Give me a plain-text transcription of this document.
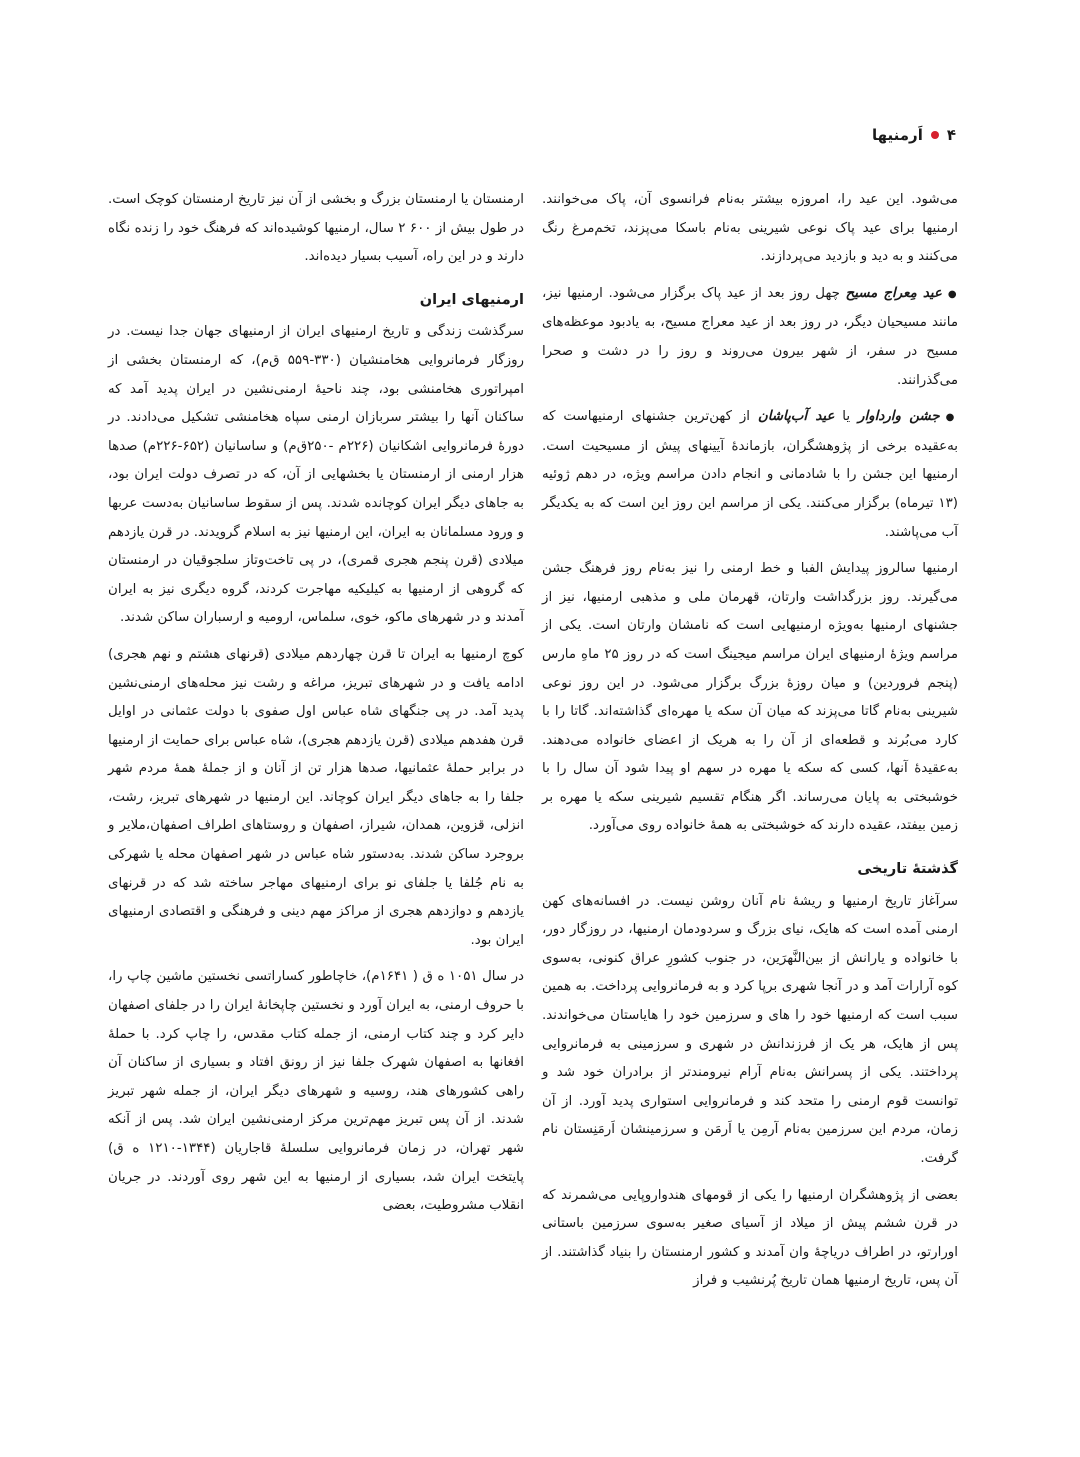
۴
اَرمنیها

می‌شود. این عید را، امروزه بیشتر به‌نام فرانسوی آن، پاک می‌خوانند. ارمنیها برای عید پاک نوعی شیرینی به‌نام باسکا می‌پزند، تخم‌مرغ رنگ می‌کنند و به دید و بازدید می‌پردازند.

● عید مِعراج مسیح چهل روز بعد از عید پاک برگزار می‌شود. ارمنیها نیز، مانند مسیحیان دیگر، در روز بعد از عید معراج مسیح، به یادبود موعظه‌های مسیح در سفر، از شهر بیرون می‌روند و روز را در دشت و صحرا می‌گذرانند.

● جشن وارداوار یا عید آب‌پاشان از کهن‌ترین جشنهای ارمنیهاست که به‌عقیده برخی از پژوهشگران، بازماندهٔ آیینهای پیش از مسیحیت است. ارمنیها این جشن را با شادمانی و انجام دادن مراسم ویژه، در دهم ژوئیه (۱۳ تیرماه) برگزار می‌کنند. یکی از مراسم این روز این است که به یکدیگر آب می‌پاشند.

ارمنیها سالروز پیدایش الفبا و خط ارمنی را نیز به‌نام روز فرهنگ جشن می‌گیرند. روز بزرگداشت وارتان، قهرمان ملی و مذهبی ارمنیها، نیز از جشنهای ارمنیها به‌ویژه ارمنیهایی است که نامشان وارتان است. یکی از مراسم ویژهٔ ارمنیهای ایران مراسم میجینگ است که در روز ۲۵ ماهِ مارس (پنجم فروردین) و میان روزهٔ بزرگ برگزار می‌شود. در این روز نوعی شیرینی به‌نام گاتا می‌پزند که میان آن سکه یا مهره‌ای گذاشته‌اند. گاتا را با کارد می‌بُرند و قطعه‌ای از آن را به هریک از اعضای خانواده می‌دهند. به‌عقیدهٔ آنها، کسی که سکه یا مهره در سهم او پیدا شود آن سال را با خوشبختی به پایان می‌رساند. اگر هنگام تقسیم شیرینی سکه یا مهره بر زمین بیفتد، عقیده دارند که خوشبختی به همهٔ خانواده روی می‌آورد.

گذشتهٔ تاریخی

سرآغاز تاریخ ارمنیها و ریشهٔ نام آنان روشن نیست. در افسانه‌های کهن ارمنی آمده است که هایک، نیای بزرگ و سردودمان ارمنیها، در روزگار دور، با خانواده و یارانش از بین‌النَّهرَین، در جنوب کشورِ عراق کنونی، به‌سوی کوه آرارات آمد و در آنجا شهری برپا کرد و به فرمانروایی پرداخت. به همین سبب است که ارمنیها خود را های و سرزمین خود را هایاستان می‌خواندند. پس از هایک، هر یک از فرزندانش در شهری و سرزمینی به فرمانروایی پرداختند. یکی از پسرانش به‌نام آرام نیرومندتر از برادران خود شد و توانست قوم ارمنی را متحد کند و فرمانروایی استواری پدید آورد. از آن زمان، مردم این سرزمین به‌نام آرمِن یا اَرمَن و سرزمینشان اَرمَنِستان نام گرفت.

بعضی از پژوهشگران ارمنیها را یکی از قومهای هندواروپایی می‌شمرند که در قرن ششم پیش از میلاد از آسیای صغیر به‌سوی سرزمین باستانی اورارتو، در اطراف دریاچهٔ وان آمدند و کشور ارمنستان را بنیاد گذاشتند. از آن پس، تاریخ ارمنیها همان تاریخ پُرنشیب و فراز

ارمنستان یا ارمنستان بزرگ و بخشی از آن نیز تاریخ ارمنستان کوچک است. در طول بیش از ۶۰۰ ۲ سال، ارمنیها کوشیده‌اند که فرهنگ خود را زنده نگاه دارند و در این راه، آسیب بسیار دیده‌اند.

ارمنیهای ایران

سرگذشت زندگی و تاریخ ارمنیهای ایران از ارمنیهای جهان جدا نیست. در روزگار فرمانروایی هخامنشیان (۳۳۰-۵۵۹ ق‌م)، که ارمنستان بخشی از امپراتوری هخامنشی بود، چند ناحیهٔ ارمنی‌نشین در ایران پدید آمد که ساکنان آنها را بیشتر سربازان ارمنی سپاه هخامنشی تشکیل می‌دادند. در دورهٔ فرمانروایی اشکانیان (۲۲۶م -۲۵۰ق‌م) و ساسانیان (۶۵۲-۲۲۶م) صدها هزار ارمنی از ارمنستان یا بخشهایی از آن، که در تصرف دولت ایران بود، به جاهای دیگر ایران کوچانده شدند. پس از سقوط ساسانیان به‌دست عربها و ورود مسلمانان به ایران، این ارمنیها نیز به اسلام گرویدند. در قرن یازدهم میلادی (قرن پنجم هجری قمری)، در پی تاخت‌وتاز سلجوقیان در ارمنستان که گروهی از ارمنیها به کیلیکیه مهاجرت کردند، گروه دیگری نیز به ایران آمدند و در شهرهای ماکو، خوی، سلماس، ارومیه و ارسباران ساکن شدند.

کوچ ارمنیها به ایران تا قرن چهاردهم میلادی (قرنهای هشتم و نهم هجری) ادامه یافت و در شهرهای تبریز، مراغه و رشت نیز محله‌های ارمنی‌نشین پدید آمد. در پی جنگهای شاه عباس اول صفوی با دولت عثمانی در اوایل قرن هفدهم میلادی (قرن یازدهم هجری)، شاه عباس برای حمایت از ارمنیها در برابر حملهٔ عثمانیها، صدها هزار تن از آنان و از جملهٔ همهٔ مردم شهر جلفا را به جاهای دیگر ایران کوچاند. این ارمنیها در شهرهای تبریز، رشت، انزلی، قزوین، همدان، شیراز، اصفهان و روستاهای اطراف اصفهان،ملایر و بروجرد ساکن شدند. به‌دستور شاه عباس در شهر اصفهان محله یا شهرکی به نام جُلفا یا جلفای نو برای ارمنیهای مهاجر ساخته شد که در قرنهای یازدهم و دوازدهم هجری از مراکز مهم دینی و فرهنگی و اقتصادی ارمنیهای ایران بود.

در سال ۱۰۵۱ ه ق ( ۱۶۴۱م)، خاچاطور کساراتسی نخستین ماشین چاپ را، با حروف ارمنی، به ایران آورد و نخستین چاپخانهٔ ایران را در جلفای اصفهان دایر کرد و چند کتاب ارمنی، از جمله کتاب مقدس، را چاپ کرد. با حملهٔ افغانها به اصفهان شهرک جلفا نیز از رونق افتاد و بسیاری از ساکنان آن راهی کشورهای هند، روسیه و شهرهای دیگر ایران، از جمله شهر تبریز شدند. از آن پس تبریز مهم‌ترین مرکز ارمنی‌نشین ایران شد. پس از آنکه شهر تهران، در زمان فرمانروایی سلسلهٔ قاجاریان (۱۳۴۴-۱۲۱۰ ه ق) پایتخت ایران شد، بسیاری از ارمنیها به این شهر روی آوردند. در جریان انقلاب مشروطیت، بعضی
